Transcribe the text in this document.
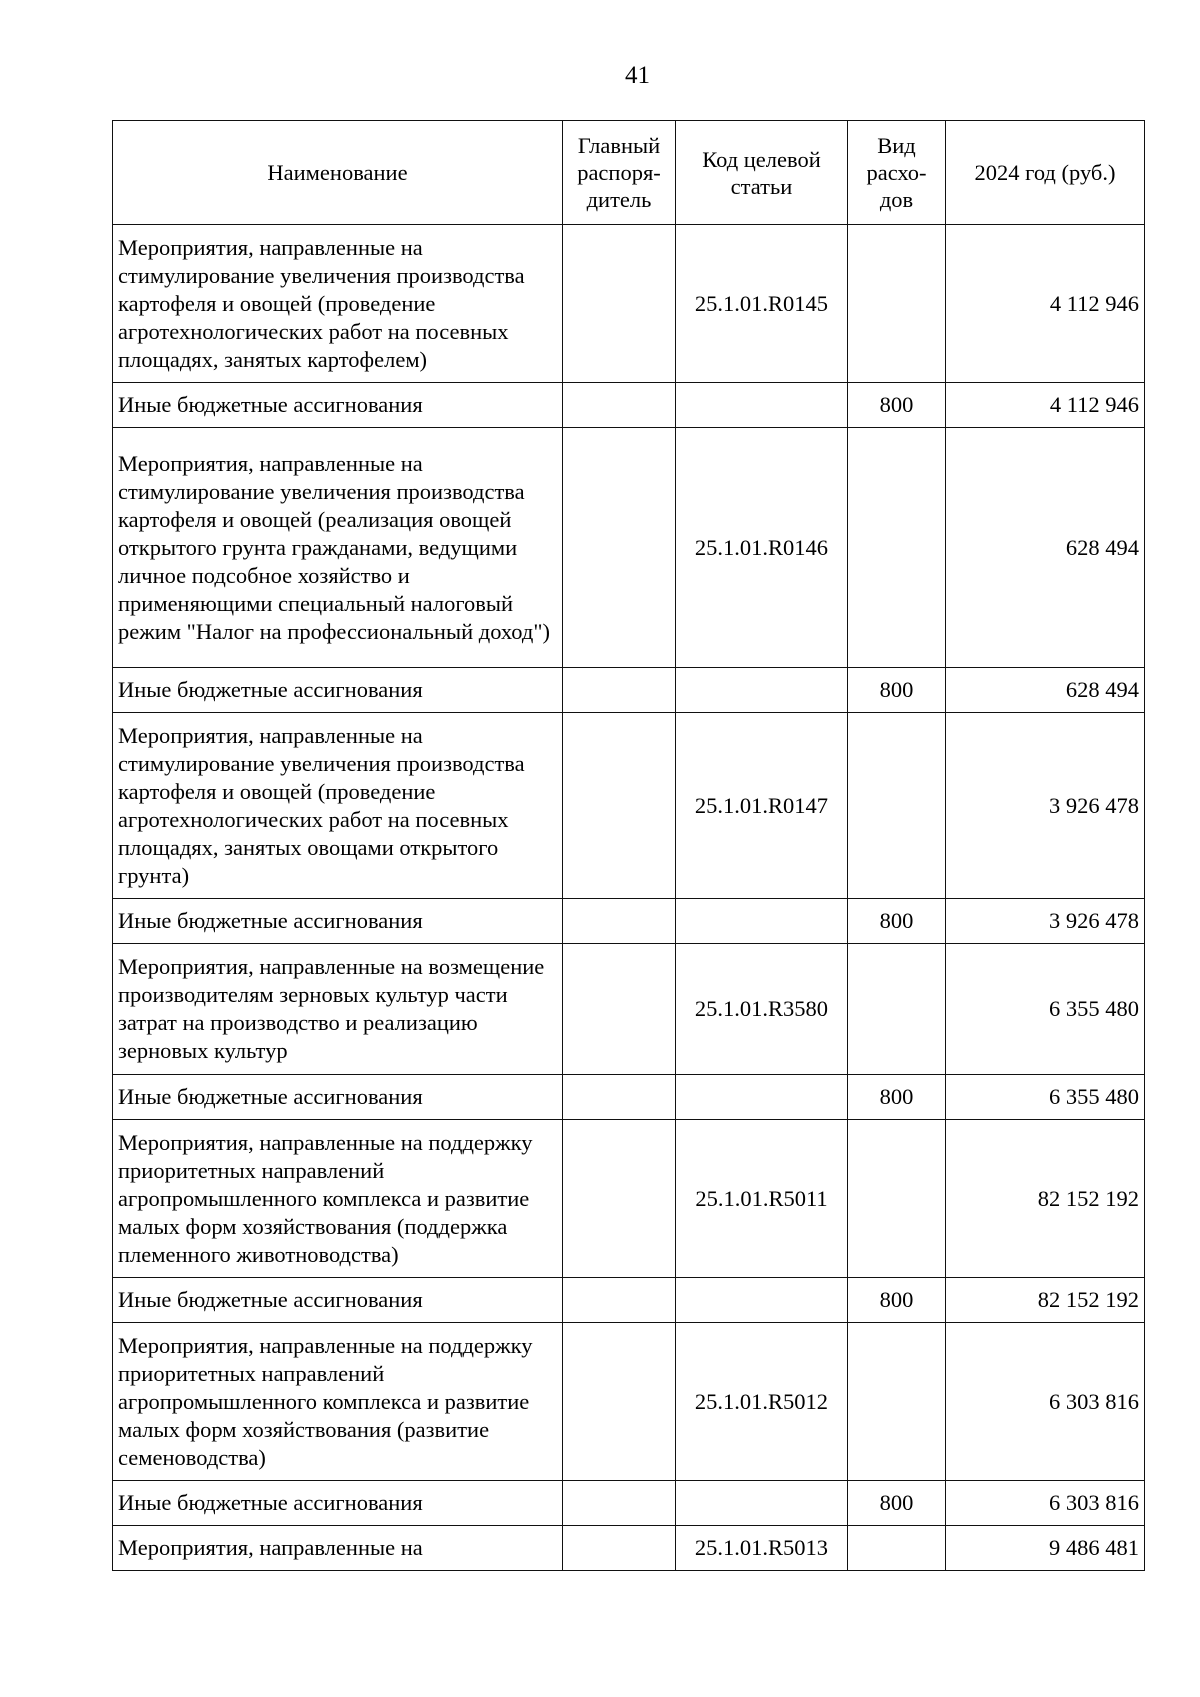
41
Наименование	Главный распоря-дитель	Код целевой статьи	Вид расхо-дов	2024 год (руб.)
Мероприятия, направленные на стимулирование увеличения производства картофеля и овощей (проведение агротехнологических работ на посевных площадях, занятых картофелем)		25.1.01.R0145		4 112 946
Иные бюджетные ассигнования			800	4 112 946
Мероприятия, направленные на стимулирование увеличения производства картофеля и овощей (реализация овощей открытого грунта гражданами, ведущими личное подсобное хозяйство и применяющими специальный налоговый режим "Налог на профессиональный доход")		25.1.01.R0146		628 494
Иные бюджетные ассигнования			800	628 494
Мероприятия, направленные на стимулирование увеличения производства картофеля и овощей (проведение агротехнологических работ на посевных площадях, занятых овощами открытого грунта)		25.1.01.R0147		3 926 478
Иные бюджетные ассигнования			800	3 926 478
Мероприятия, направленные на возмещение производителям зерновых культур части затрат на производство и реализацию зерновых культур		25.1.01.R3580		6 355 480
Иные бюджетные ассигнования			800	6 355 480
Мероприятия, направленные на поддержку приоритетных направлений агропромышленного комплекса и развитие малых форм хозяйствования (поддержка племенного животноводства)		25.1.01.R5011		82 152 192
Иные бюджетные ассигнования			800	82 152 192
Мероприятия, направленные на поддержку приоритетных направлений агропромышленного комплекса и развитие малых форм хозяйствования (развитие семеноводства)		25.1.01.R5012		6 303 816
Иные бюджетные ассигнования			800	6 303 816
Мероприятия, направленные на		25.1.01.R5013		9 486 481
